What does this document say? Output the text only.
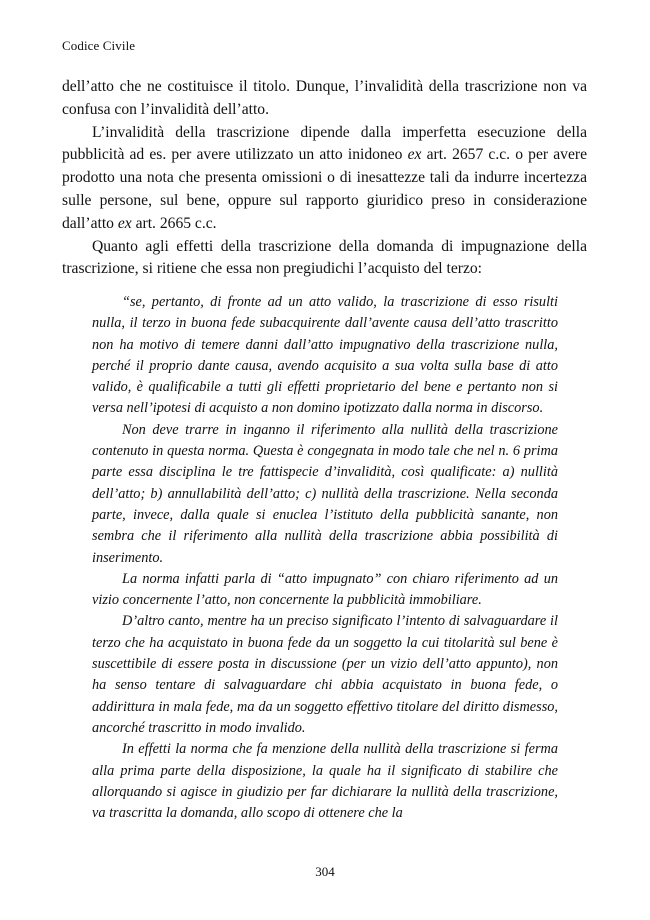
Codice Civile

dell’atto che ne costituisce il titolo. Dunque, l’invalidità della trascrizione non va confusa con l’invalidità dell’atto.

L’invalidità della trascrizione dipende dalla imperfetta esecuzione della pubblicità ad es. per avere utilizzato un atto inidoneo ex art. 2657 c.c. o per avere prodotto una nota che presenta omissioni o di inesattezze tali da indurre incertezza sulle persone, sul bene, oppure sul rapporto giuridico preso in considerazione dall’atto ex art. 2665 c.c.

Quanto agli effetti della trascrizione della domanda di impugnazione della trascrizione, si ritiene che essa non pregiudichi l’acquisto del terzo:

“se, pertanto, di fronte ad un atto valido, la trascrizione di esso risulti nulla, il terzo in buona fede subacquirente dall’avente causa dell’atto trascritto non ha motivo di temere danni dall’atto impugnativo della trascrizione nulla, perché il proprio dante causa, avendo acquisito a sua volta sulla base di atto valido, è qualificabile a tutti gli effetti proprietario del bene e pertanto non si versa nell’ipotesi di acquisto a non domino ipotizzato dalla norma in discorso.

Non deve trarre in inganno il riferimento alla nullità della trascrizione contenuto in questa norma. Questa è congegnata in modo tale che nel n. 6 prima parte essa disciplina le tre fattispecie d’invalidità, così qualificate: a) nullità dell’atto; b) annullabilità dell’atto; c) nullità della trascrizione. Nella seconda parte, invece, dalla quale si enuclea l’istituto della pubblicità sanante, non sembra che il riferimento alla nullità della trascrizione abbia possibilità di inserimento.

La norma infatti parla di “atto impugnato” con chiaro riferimento ad un vizio concernente l’atto, non concernente la pubblicità immobiliare.

D’altro canto, mentre ha un preciso significato l’intento di salvaguardare il terzo che ha acquistato in buona fede da un soggetto la cui titolarità sul bene è suscettibile di essere posta in discussione (per un vizio dell’atto appunto), non ha senso tentare di salvaguardare chi abbia acquistato in buona fede, o addirittura in mala fede, ma da un soggetto effettivo titolare del diritto dismesso, ancorché trascritto in modo invalido.

In effetti la norma che fa menzione della nullità della trascrizione si ferma alla prima parte della disposizione, la quale ha il significato di stabilire che allorquando si agisce in giudizio per far dichiarare la nullità della trascrizione, va trascritta la domanda, allo scopo di ottenere che la

304
